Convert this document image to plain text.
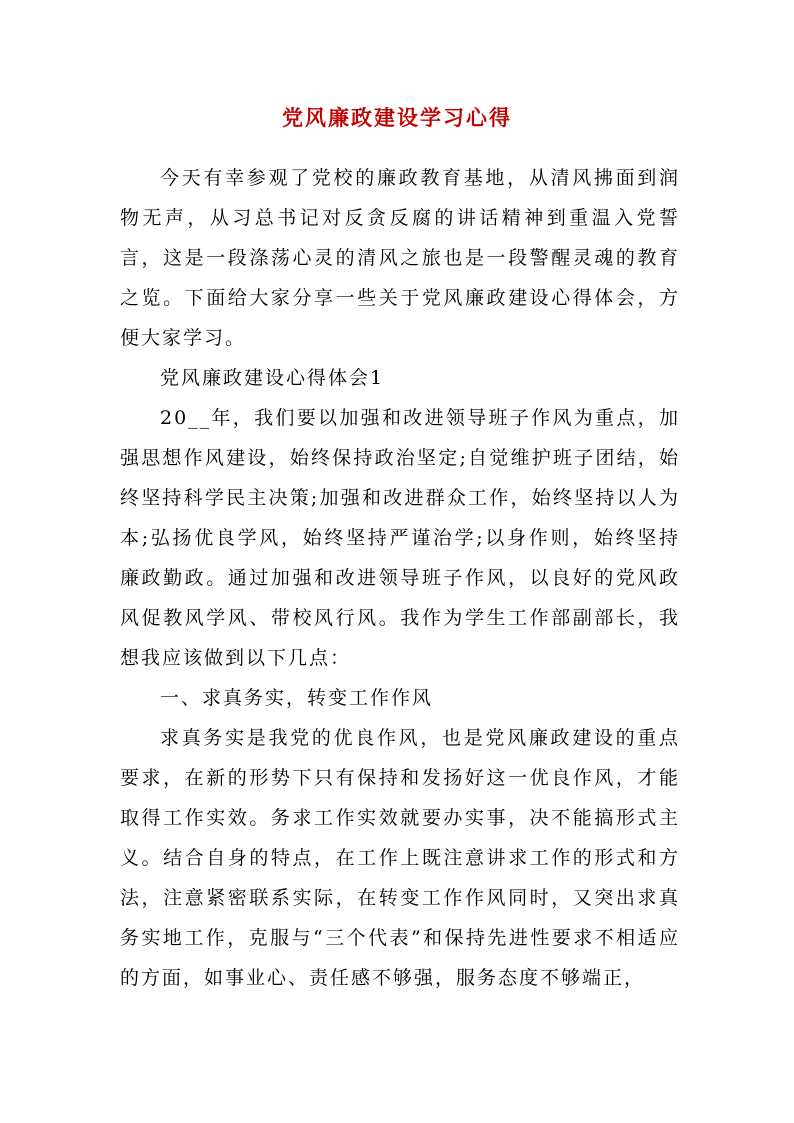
党风廉政建设学习心得

今天有幸参观了党校的廉政教育基地，从清风拂面到润物无声，从习总书记对反贪反腐的讲话精神到重温入党誓言，这是一段涤荡心灵的清风之旅也是一段警醒灵魂的教育之览。下面给大家分享一些关于党风廉政建设心得体会，方便大家学习。

党风廉政建设心得体会1

20__年，我们要以加强和改进领导班子作风为重点，加强思想作风建设，始终保持政治坚定;自觉维护班子团结，始终坚持科学民主决策;加强和改进群众工作，始终坚持以人为本;弘扬优良学风，始终坚持严谨治学;以身作则，始终坚持廉政勤政。通过加强和改进领导班子作风，以良好的党风政风促教风学风、带校风行风。我作为学生工作部副部长，我想我应该做到以下几点：

一、求真务实，转变工作作风

求真务实是我党的优良作风，也是党风廉政建设的重点要求，在新的形势下只有保持和发扬好这一优良作风，才能取得工作实效。务求工作实效就要办实事，决不能搞形式主义。结合自身的特点，在工作上既注意讲求工作的形式和方法，注意紧密联系实际，在转变工作作风同时，又突出求真务实地工作，克服与“三个代表”和保持先进性要求不相适应的方面，如事业心、责任感不够强，服务态度不够端正，
